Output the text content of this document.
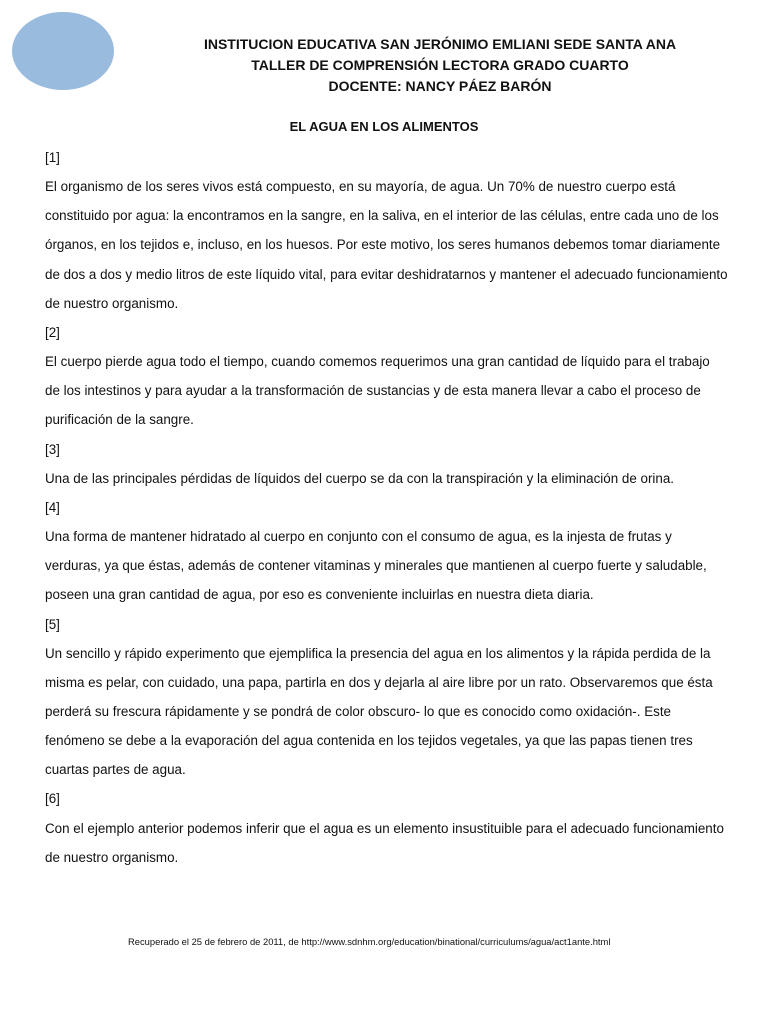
INSTITUCION EDUCATIVA SAN JERÓNIMO EMLIANI SEDE SANTA ANA
TALLER DE COMPRENSIÓN LECTORA GRADO CUARTO
DOCENTE: NANCY PÁEZ BARÓN
EL AGUA EN LOS ALIMENTOS
[1]
El organismo de los seres vivos está compuesto, en su mayoría, de agua. Un 70% de nuestro cuerpo está constituido por agua: la encontramos en la sangre, en la saliva, en el interior de las células, entre cada uno de los órganos, en los tejidos e, incluso, en los huesos. Por este motivo, los seres humanos debemos tomar diariamente de dos a dos y medio litros de este líquido vital, para evitar deshidratarnos y mantener el adecuado funcionamiento de nuestro organismo.
[2]
El cuerpo pierde agua todo el tiempo, cuando comemos requerimos una gran cantidad de líquido para el trabajo de los intestinos y para ayudar a la transformación de sustancias y de esta manera llevar a cabo el proceso de purificación de la sangre.
[3]
Una de las principales pérdidas de líquidos del cuerpo se da con la transpiración y la eliminación de orina.
[4]
Una forma de mantener hidratado al cuerpo en conjunto con el consumo de agua, es la injesta de frutas y verduras, ya que éstas, además de contener vitaminas y minerales que mantienen al cuerpo fuerte y saludable, poseen una gran cantidad de agua, por eso es conveniente incluirlas en nuestra dieta diaria.
[5]
Un sencillo y rápido experimento que ejemplifica la presencia del agua en los alimentos y la rápida perdida de la misma es pelar, con cuidado, una papa, partirla en dos y dejarla al aire libre por un rato. Observaremos que ésta perderá su frescura rápidamente y se pondrá de color obscuro- lo que es conocido como oxidación-. Este fenómeno se debe a la evaporación del agua contenida en los tejidos vegetales, ya que las papas tienen tres cuartas partes de agua.
[6]
Con el ejemplo anterior podemos inferir que el agua es un elemento insustituible para el adecuado funcionamiento de nuestro organismo.
Recuperado el 25 de febrero de 2011, de http://www.sdnhm.org/education/binational/curriculums/agua/act1ante.html
